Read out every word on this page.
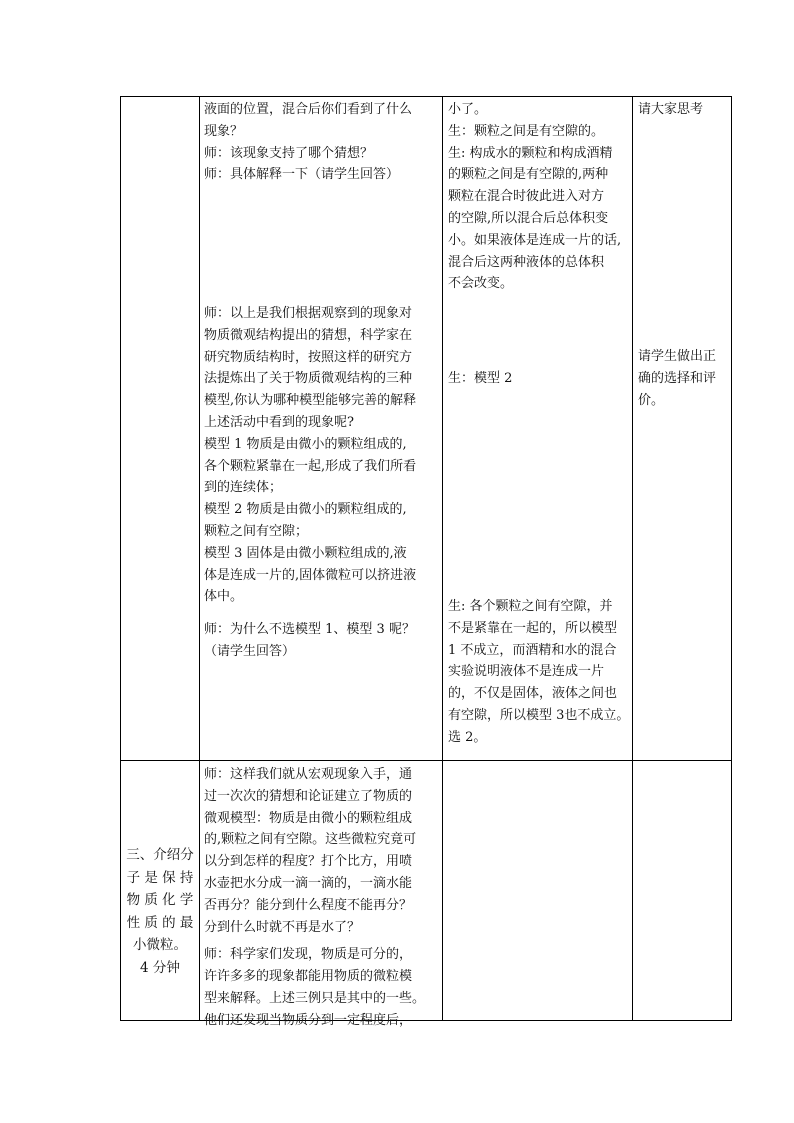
液面的位置，混合后你们看到了什么

现象？

师：该现象支持了哪个猜想？

师：具体解释一下（请学生回答）

师：以上是我们根据观察到的现象对

物质微观结构提出的猜想，科学家在

研究物质结构时，按照这样的研究方

法提炼出了关于物质微观结构的三种

模型,你认为哪种模型能够完善的解释

上述活动中看到的现象呢?

模型 1 物质是由微小的颗粒组成的,

各个颗粒紧靠在一起,形成了我们所看

到的连续体；

模型 2 物质是由微小的颗粒组成的,

颗粒之间有空隙；

模型 3 固体是由微小颗粒组成的,液

体是连成一片的,固体微粒可以挤进液

体中。

师：为什么不选模型 1、模型 3 呢？

（请学生回答）

小了。

生：颗粒之间是有空隙的。

生: 构成水的颗粒和构成酒精

的颗粒之间是有空隙的,两种

颗粒在混合时彼此进入对方

的空隙,所以混合后总体积变

小。如果液体是连成一片的话,

混合后这两种液体的总体积

不会改变。

生：模型 2

生: 各个颗粒之间有空隙，并

不是紧靠在一起的，所以模型

1 不成立，而酒精和水的混合

实验说明液体不是连成一片

的，不仅是固体，液体之间也

有空隙，所以模型 3也不成立。

选 2。

请大家思考

请学生做出正

确的选择和评

价。

三、介绍分

子 是 保 持

物 质 化 学

性 质 的 最

小微粒。

4 分钟

师：这样我们就从宏观现象入手，通

过一次次的猜想和论证建立了物质的

微观模型：物质是由微小的颗粒组成

的,颗粒之间有空隙。这些微粒究竟可

以分到怎样的程度？打个比方，用喷

水壶把水分成一滴一滴的，一滴水能

否再分？能分到什么程度不能再分？

分到什么时就不再是水了？

师：科学家们发现，物质是可分的，

许许多多的现象都能用物质的微粒模

型来解释。上述三例只是其中的一些。

他们还发现当物质分到一定程度后，
